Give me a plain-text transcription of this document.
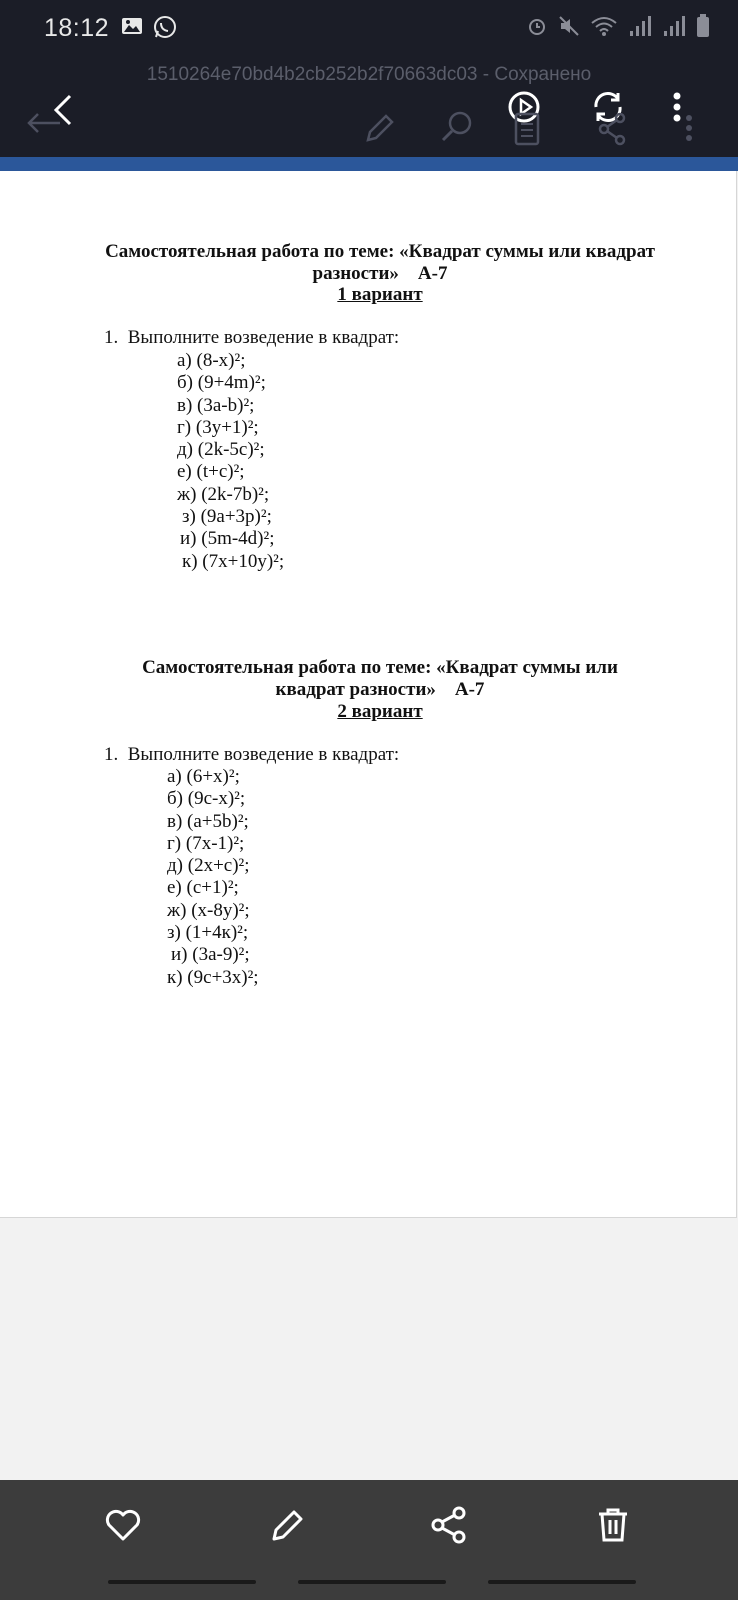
18:12
1510264e70bd4b2cb252b2f70663dc03 - Сохранено
Самостоятельная работа по теме: «Квадрат суммы или квадрат
разности»    А-7
1 вариант
1.  Выполните возведение в квадрат:
а) (8-х)²;
б) (9+4m)²;
в) (3a-b)²;
г) (3y+1)²;
д) (2k-5c)²;
е) (t+c)²;
ж) (2k-7b)²;
з) (9a+3p)²;
и) (5m-4d)²;
к) (7x+10y)²;
Самостоятельная работа по теме: «Квадрат суммы или
квадрат разности»    А-7
2 вариант
1.  Выполните возведение в квадрат:
а) (6+х)²;
б) (9с-х)²;
в) (а+5b)²;
г) (7х-1)²;
д) (2х+с)²;
е) (с+1)²;
ж) (х-8у)²;
з) (1+4к)²;
и) (3а-9)²;
к) (9с+3х)²;
